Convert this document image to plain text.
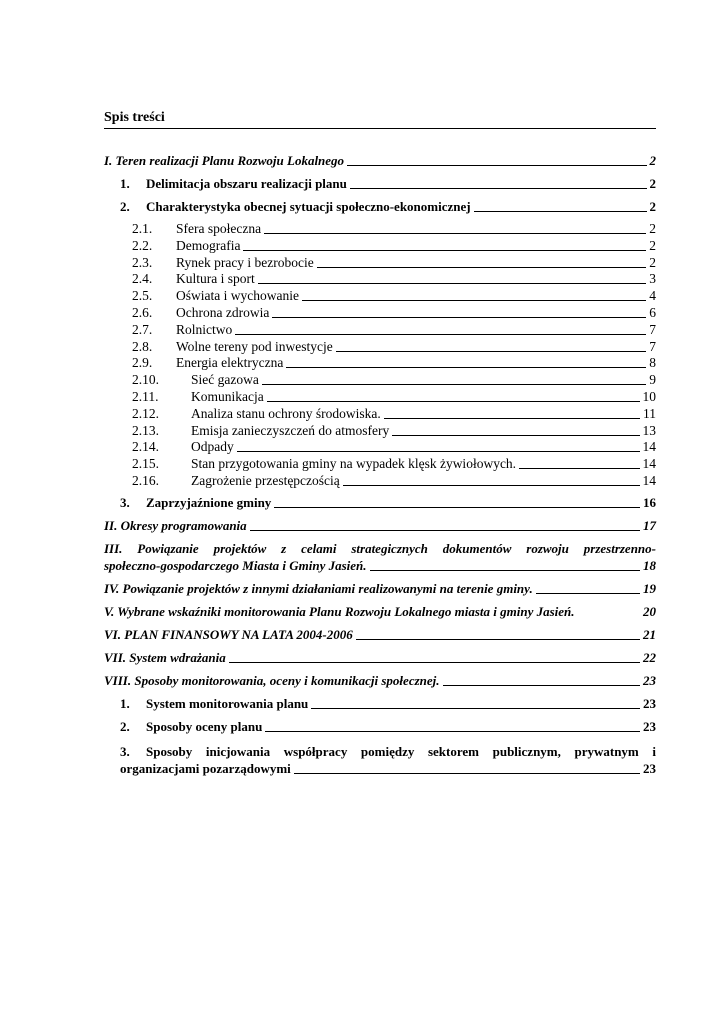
Spis treści
I. Teren realizacji Planu Rozwoju Lokalnego	2
1.	Delimitacja obszaru realizacji planu	2
2.	Charakterystyka obecnej sytuacji społeczno-ekonomicznej	2
2.1.	Sfera społeczna	2
2.2.	Demografia	2
2.3.	Rynek pracy i bezrobocie	2
2.4.	Kultura i sport	3
2.5.	Oświata i wychowanie	4
2.6.	Ochrona zdrowia	6
2.7.	Rolnictwo	7
2.8.	Wolne tereny pod inwestycje	7
2.9.	Energia elektryczna	8
2.10.	Sieć gazowa	9
2.11.	Komunikacja	10
2.12.	Analiza stanu ochrony środowiska.	11
2.13.	Emisja zanieczyszczeń do atmosfery	13
2.14.	Odpady	14
2.15.	Stan przygotowania gminy na wypadek klęsk żywiołowych.	14
2.16.	Zagrożenie przestępczością	14
3.	Zaprzyjaźnione gminy	16
II. Okresy programowania	17
III. Powiązanie projektów z celami strategicznych dokumentów rozwoju przestrzenno-
społeczno-gospodarczego Miasta i Gminy Jasień.	18
IV. Powiązanie projektów z innymi działaniami realizowanymi na terenie gminy.	19
V. Wybrane wskaźniki monitorowania Planu Rozwoju Lokalnego miasta i gminy Jasień.	20
VI. PLAN FINANSOWY NA LATA 2004-2006	21
VII. System wdrażania	22
VIII. Sposoby monitorowania, oceny i komunikacji społecznej.	23
1.	System monitorowania planu	23
2.	Sposoby oceny planu	23
3.	Sposoby inicjowania współpracy pomiędzy sektorem publicznym, prywatnym i
organizacjami pozarządowymi	23
